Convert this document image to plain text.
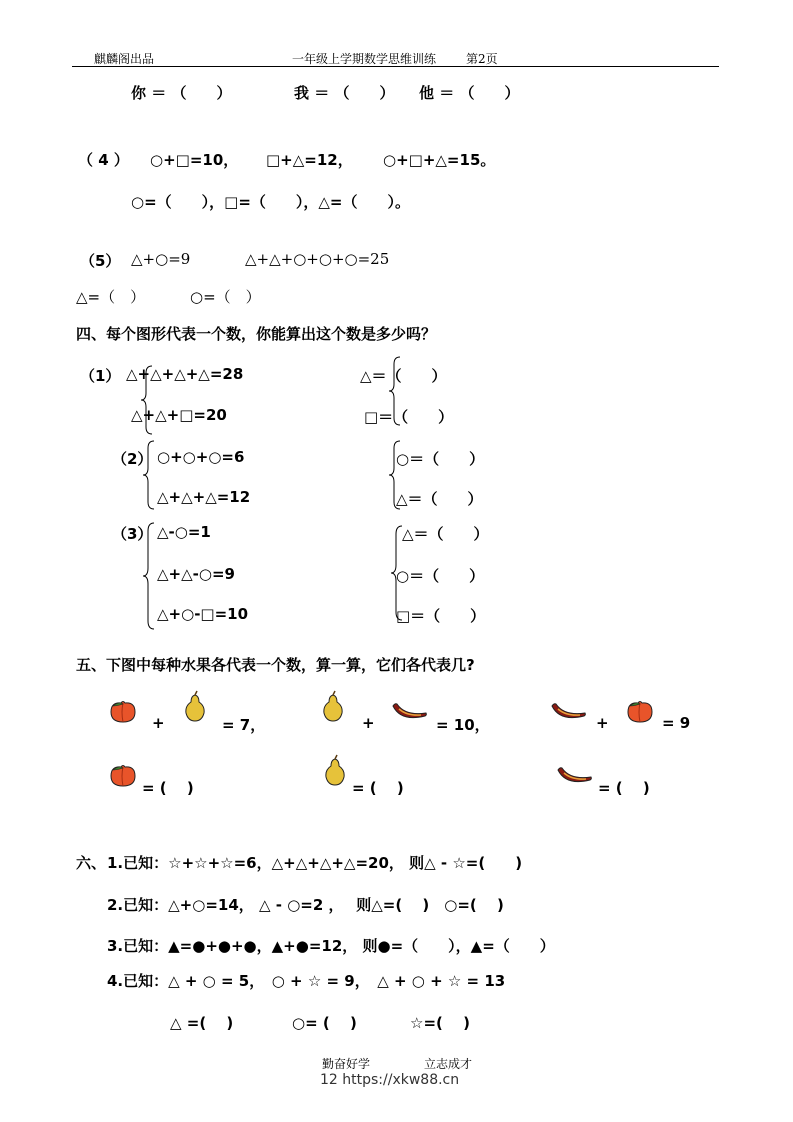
麒麟阁出品	一年级上学期数学思维训练 第2页
你 ＝ （　　）	我 ＝ （　　） 他 ＝ （　　）
（ 4 ） ○+□=10， □+△=12， ○+□+△=15。
○=（　　），□=（　　），△=（　　）。
（5） △+○=9	△+△+○+○+○=25
△=（　）	○=（　）
四、每个图形代表一个数，你能算出这个数是多少吗？
（1） △+△+△+△=28
△+△+□=20
△＝（　　）
□＝（　　）
（2） ○+○+○=6
△+△+△=12
○＝（　　）
△＝（　　）
（3） △-○=1
△+△-○=9
△+○-□=10
△＝（　　）
○＝（　　）
□＝（　　）
五、下图中每种水果各代表一个数，算一算，它们各代表几?
+	= 7，	+	= 10，	+	= 9
= (　 )	= (　 )	= (　 )
六、 1.已知：☆+☆+☆=6，△+△+△+△=20， 则△ - ☆=(　　)
2.已知：△+○=14， △ - ○=2 ，　 则△=(　 )　○=(　 )
3.已知：▲=●+●+●，▲+●=12， 则●=（　　），▲=（　　）
4.已知：△ + ○ = 5，　○ + ☆ = 9，　△ + ○ + ☆ = 13
△ =(　 )	○= (　 )	☆=(　 )
勤奋好学	立志成才
12 https://xkw88.cn
